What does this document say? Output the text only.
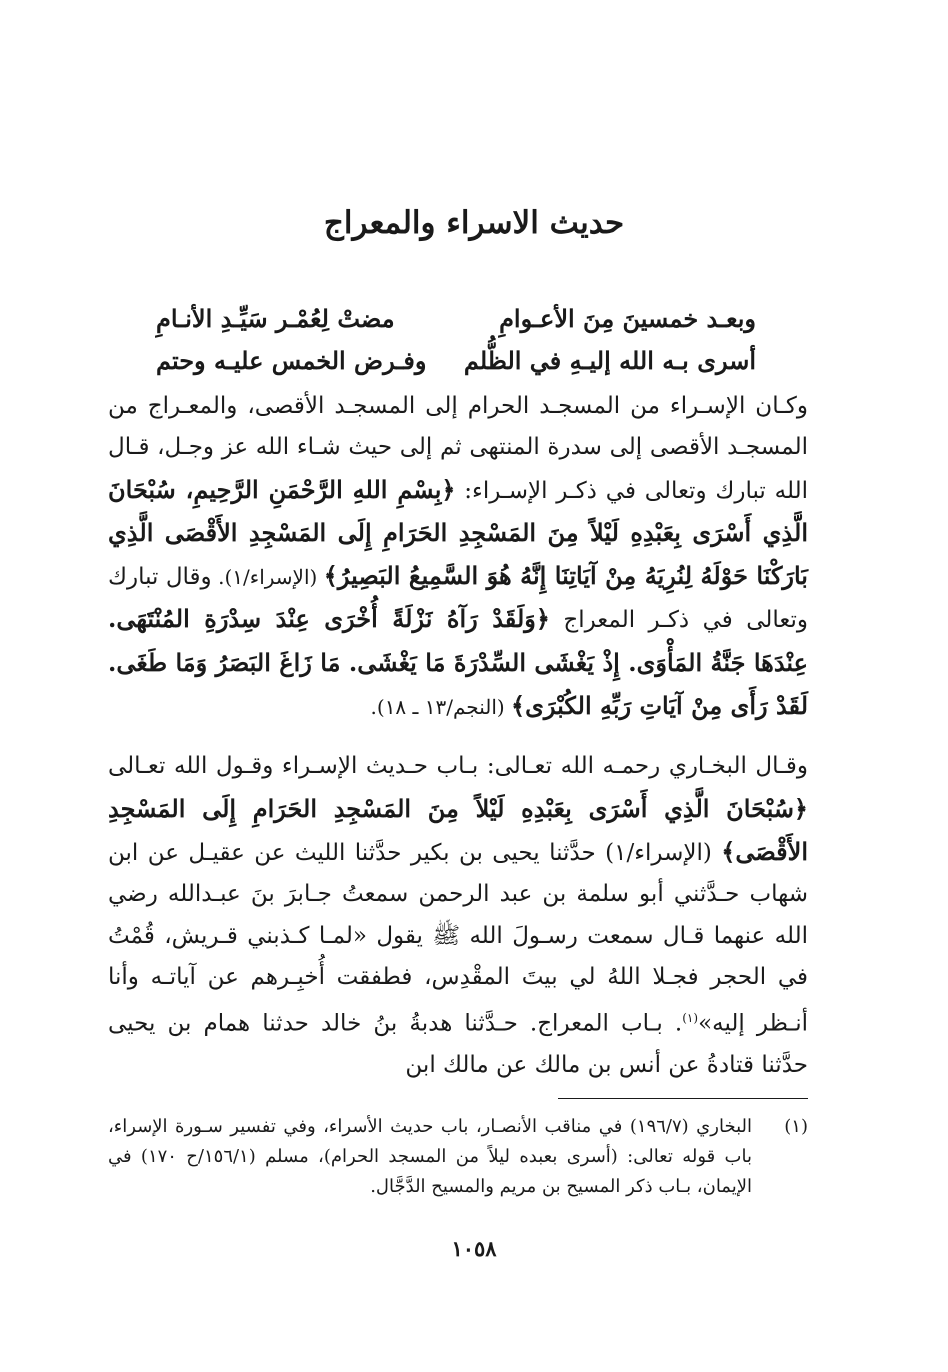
حديث الاسراء والمعراج
وبعـد خمسينَ مِنَ الأعـوامِ
مضتْ لِعُمْـر سَيِّـدِ الأنـامِ
أسرى بـه الله إليـهِ في الظُّلم
وفـرض الخمس عليـه وحتم

وكـان الإسـراء من المسجـد الحرام إلى المسجـد الأقصى، والمعـراج من المسجـد الأقصى إلى سدرة المنتهى ثم إلى حيث شـاء الله عز وجـل، قـال الله تبارك وتعالى في ذكـر الإسـراء: ﴿بِسْمِ اللهِ الرَّحْمَنِ الرَّحِيمِ، سُبْحَانَ الَّذِي أَسْرَى بِعَبْدِهِ لَيْلاً مِنَ المَسْجِدِ الحَرَامِ إِلَى المَسْجِدِ الأَقْصَى الَّذِي بَارَكْنَا حَوْلَهُ لِنُرِيَهُ مِنْ آيَاتِنَا إِنَّهُ هُوَ السَّمِيعُ البَصِيرُ﴾ (الإسراء/١). وقال تبارك وتعالى في ذكـر المعراج ﴿وَلَقَدْ رَآهُ نَزْلَةً أُخْرَى عِنْدَ سِدْرَةِ المُنْتَهَى. عِنْدَهَا جَنَّةُ المَأْوَى. إِذْ يَغْشَى السِّدْرَةَ مَا يَغْشَى. مَا زَاغَ البَصَرُ وَمَا طَغَى. لَقَدْ رَأَى مِنْ آيَاتِ رَبِّهِ الكُبْرَى﴾ (النجم/١٣ ـ ١٨).

وقـال البخـاري رحمـه الله تعـالى: بـاب حـديث الإسـراء وقـول الله تعـالى ﴿سُبْحَانَ الَّذِي أَسْرَى بِعَبْدِهِ لَيْلاً مِنَ المَسْجِدِ الحَرَامِ إِلَى المَسْجِدِ الأَقْصَى﴾ (الإسراء/١) حدَّثنا يحيى بن بكير حدَّثنا الليث عن عقيـل عن ابن شهاب حـدَّثني أبو سلمة بن عبد الرحمن سمعتُ جـابرَ بنَ عبـدالله رضي الله عنهما قـال سمعت رسـولَ الله ﷺ يقول «لمـا كـذبني قـريش، قُمْتُ في الحجر فجـلا اللهُ لي بيتَ المقْدِس، فطفقت أُخبِـرهم عن آياتـه وأنا أنـظر إليه»$^{(١)}$. بـاب المعراج. حـدَّثنا هدبةُ بنُ خالد حدثنا همام بن يحيى حدَّثنا قتادةُ عن أنس بن مالك عن مالك ابن

(١)
البخاري (١٩٦/٧) في مناقب الأنصـار، باب حديث الأسراء، وفي تفسير سـورة الإسراء، باب قوله تعالى: (أسرى بعبده ليلاً من المسجد الحرام)، مسلم (١٥٦/١/ح ١٧٠) في الإيمان، بـاب ذكر المسيح بن مريم والمسيح الدَّجَّال.
١٠٥٨
